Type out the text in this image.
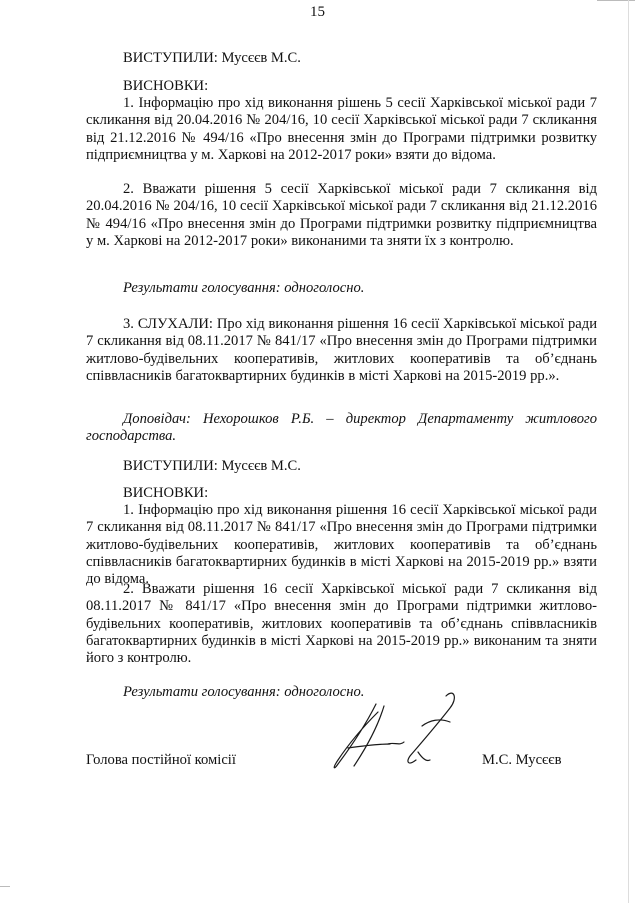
15
ВИСТУПИЛИ: Мусєєв М.С.
ВИСНОВКИ:

1. Інформацію про хід виконання рішень 5 сесії Харківської міської ради 7 скликання від 20.04.2016 № 204/16, 10 сесії Харківської міської ради 7 скликання від 21.12.2016 № 494/16 «Про внесення змін до Програми підтримки розвитку підприємництва у м. Харкові на 2012-2017 роки» взяти до відома.

2. Вважати рішення 5 сесії Харківської міської ради 7 скликання від 20.04.2016 № 204/16, 10 сесії Харківської міської ради 7 скликання від 21.12.2016 № 494/16 «Про внесення змін до Програми підтримки розвитку підприємництва у м. Харкові на 2012-2017 роки» виконаними та зняти їх з контролю.

Результати голосування: одноголосно.

3. СЛУХАЛИ: Про хід виконання рішення 16 сесії Харківської міської ради 7 скликання від 08.11.2017 № 841/17 «Про внесення змін до Програми підтримки житлово-будівельних кооперативів, житлових кооперативів та об’єднань співвласників багатоквартирних будинків в місті Харкові на 2015-2019 рр.».

Доповідач: Нехорошков Р.Б. – директор Департаменту житлового господарства.

ВИСТУПИЛИ: Мусєєв М.С.
ВИСНОВКИ:

1. Інформацію про хід виконання рішення 16 сесії Харківської міської ради 7 скликання від 08.11.2017 № 841/17 «Про внесення змін до Програми підтримки житлово-будівельних кооперативів, житлових кооперативів та об’єднань співвласників багатоквартирних будинків в місті Харкові на 2015-2019 рр.» взяти до відома.

2. Вважати рішення 16 сесії Харківської міської ради 7 скликання від 08.11.2017 № 841/17 «Про внесення змін до Програми підтримки житлово-будівельних кооперативів, житлових кооперативів та об’єднань співвласників багатоквартирних будинків в місті Харкові на 2015-2019 рр.» виконаним та зняти його з контролю.

Результати голосування: одноголосно.
Голова постійної комісії	М.С. Мусєєв
